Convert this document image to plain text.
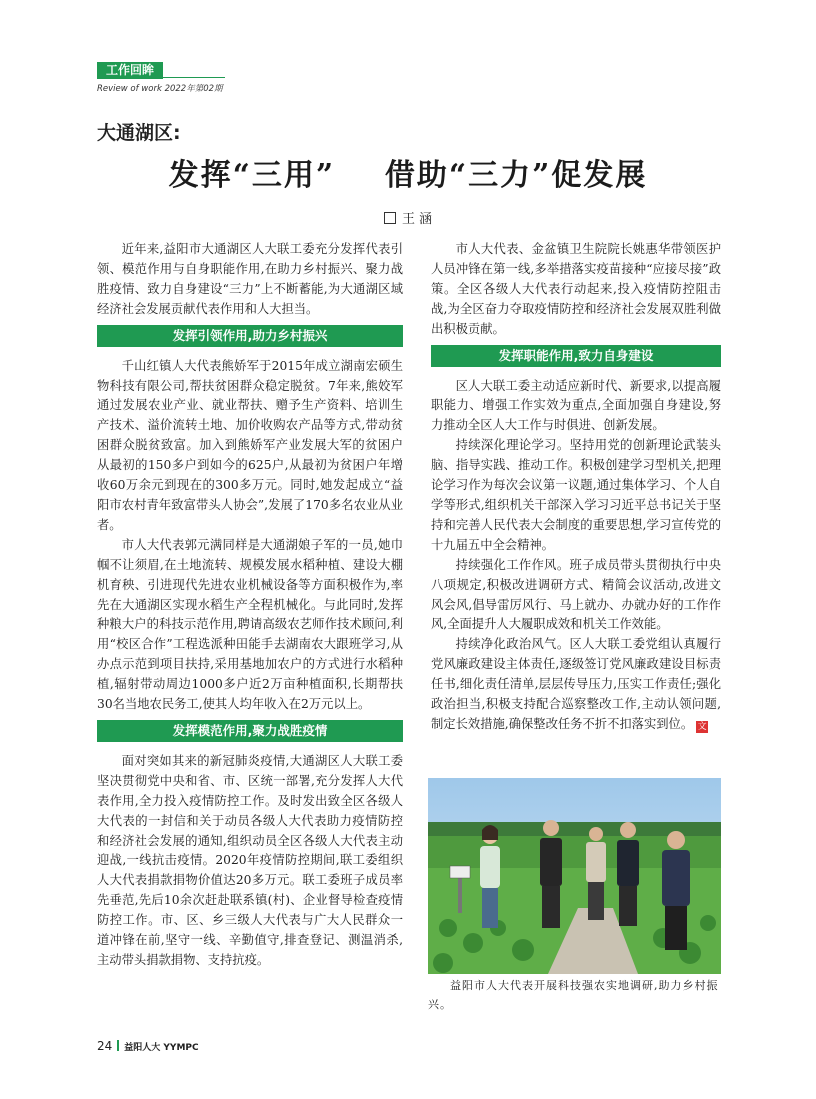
工作回眸
Review of work 2022年第02期
大通湖区:
发挥“三用”    借助“三力”促发展
王 涵

近年来,益阳市大通湖区人大联工委充分发挥代表引领、模范作用与自身职能作用,在助力乡村振兴、聚力战胜疫情、致力自身建设“三力”上不断蓄能,为大通湖区域经济社会发展贡献代表作用和人大担当。

发挥引领作用,助力乡村振兴

千山红镇人大代表熊娇军于2015年成立湖南宏硕生物科技有限公司,帮扶贫困群众稳定脱贫。7年来,熊姣军通过发展农业产业、就业帮扶、赠予生产资料、培训生产技术、溢价流转土地、加价收购农产品等方式,带动贫困群众脱贫致富。加入到熊娇军产业发展大军的贫困户从最初的150多户到如今的625户,从最初为贫困户年增收60万余元到现在的300多万元。同时,她发起成立“益阳市农村青年致富带头人协会”,发展了170多名农业从业者。

市人大代表郭元满同样是大通湖娘子军的一员,她巾帼不让须眉,在土地流转、规模发展水稻种植、建设大棚机育秧、引进现代先进农业机械设备等方面积极作为,率先在大通湖区实现水稻生产全程机械化。与此同时,发挥种粮大户的科技示范作用,聘请高级农艺师作技术顾问,利用“校区合作”工程选派种田能手去湖南农大跟班学习,从办点示范到项目扶持,采用基地加农户的方式进行水稻种植,辐射带动周边1000多户近2万亩种植面积,长期帮扶30名当地农民务工,使其人均年收入在2万元以上。

发挥模范作用,聚力战胜疫情

面对突如其来的新冠肺炎疫情,大通湖区人大联工委坚决贯彻党中央和省、市、区统一部署,充分发挥人大代表作用,全力投入疫情防控工作。及时发出致全区各级人大代表的一封信和关于动员各级人大代表助力疫情防控和经济社会发展的通知,组织动员全区各级人大代表主动迎战,一线抗击疫情。2020年疫情防控期间,联工委组织人大代表捐款捐物价值达20多万元。联工委班子成员率先垂范,先后10余次赶赴联系镇(村)、企业督导检查疫情防控工作。市、区、乡三级人大代表与广大人民群众一道冲锋在前,坚守一线、辛勤值守,排查登记、测温消杀,主动带头捐款捐物、支持抗疫。

市人大代表、金盆镇卫生院院长姚惠华带领医护人员冲锋在第一线,多举措落实疫苗接种“应接尽接”政策。全区各级人大代表行动起来,投入疫情防控阻击战,为全区奋力夺取疫情防控和经济社会发展双胜利做出积极贡献。

发挥职能作用,致力自身建设

区人大联工委主动适应新时代、新要求,以提高履职能力、增强工作实效为重点,全面加强自身建设,努力推动全区人大工作与时俱进、创新发展。

持续深化理论学习。坚持用党的创新理论武装头脑、指导实践、推动工作。积极创建学习型机关,把理论学习作为每次会议第一议题,通过集体学习、个人自学等形式,组织机关干部深入学习习近平总书记关于坚持和完善人民代表大会制度的重要思想,学习宣传党的十九届五中全会精神。

持续强化工作作风。班子成员带头贯彻执行中央八项规定,积极改进调研方式、精简会议活动,改进文风会风,倡导雷厉风行、马上就办、办就办好的工作作风,全面提升人大履职成效和机关工作效能。

持续净化政治风气。区人大联工委党组认真履行党风廉政建设主体责任,逐级签订党风廉政建设目标责任书,细化责任清单,层层传导压力,压实工作责任;强化政治担当,积极支持配合巡察整改工作,主动认领问题,制定长效措施,确保整改任务不折不扣落实到位。 文

益阳市人大代表开展科技强农实地调研,助力乡村振兴。
24 益阳人大 YYMPC
